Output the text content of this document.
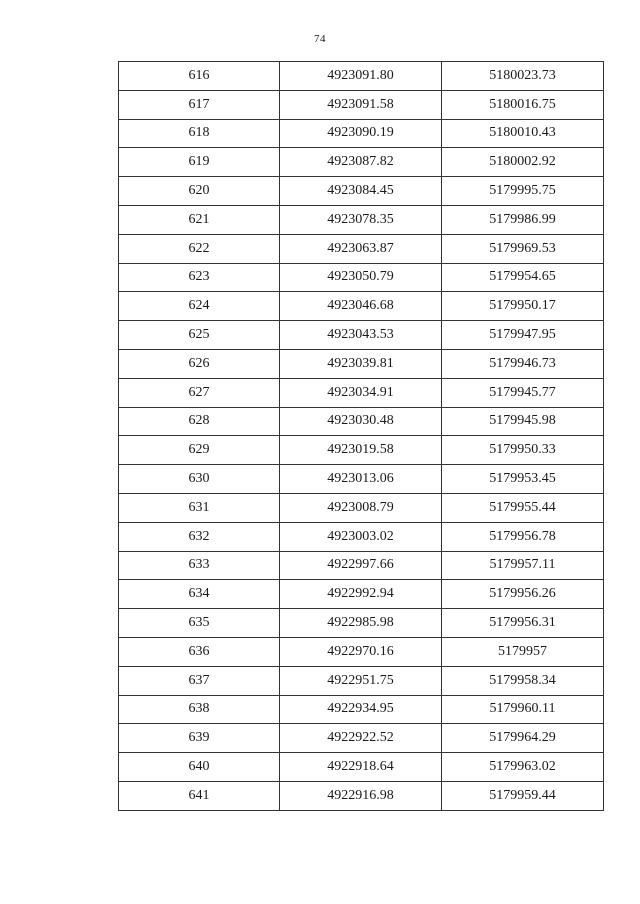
74
616	4923091.80	5180023.73
617	4923091.58	5180016.75
618	4923090.19	5180010.43
619	4923087.82	5180002.92
620	4923084.45	5179995.75
621	4923078.35	5179986.99
622	4923063.87	5179969.53
623	4923050.79	5179954.65
624	4923046.68	5179950.17
625	4923043.53	5179947.95
626	4923039.81	5179946.73
627	4923034.91	5179945.77
628	4923030.48	5179945.98
629	4923019.58	5179950.33
630	4923013.06	5179953.45
631	4923008.79	5179955.44
632	4923003.02	5179956.78
633	4922997.66	5179957.11
634	4922992.94	5179956.26
635	4922985.98	5179956.31
636	4922970.16	5179957
637	4922951.75	5179958.34
638	4922934.95	5179960.11
639	4922922.52	5179964.29
640	4922918.64	5179963.02
641	4922916.98	5179959.44
